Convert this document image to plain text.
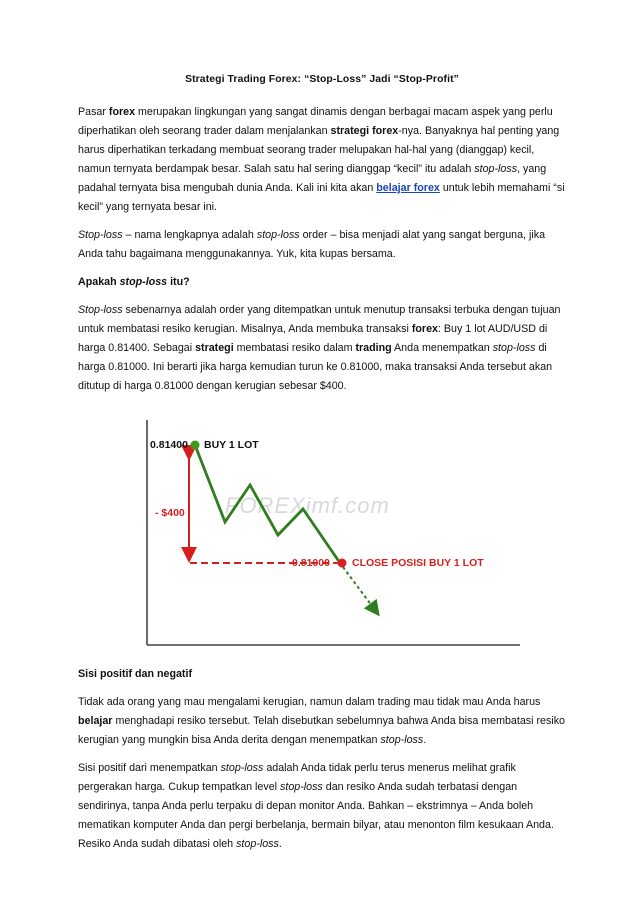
Strategi Trading Forex: “Stop-Loss” Jadi “Stop-Profit”

Pasar forex merupakan lingkungan yang sangat dinamis dengan berbagai macam aspek yang perlu diperhatikan oleh seorang trader dalam menjalankan strategi forex-nya. Banyaknya hal penting yang harus diperhatikan terkadang membuat seorang trader melupakan hal-hal yang (dianggap) kecil, namun ternyata berdampak besar. Salah satu hal sering dianggap “kecil” itu adalah stop-loss, yang padahal ternyata bisa mengubah dunia Anda. Kali ini kita akan belajar forex untuk lebih memahami “si kecil” yang ternyata besar ini.

Stop-loss – nama lengkapnya adalah stop-loss order – bisa menjadi alat yang sangat berguna, jika Anda tahu bagaimana menggunakannya. Yuk, kita kupas bersama.

Apakah stop-loss itu?

Stop-loss sebenarnya adalah order yang ditempatkan untuk menutup transaksi terbuka dengan tujuan untuk membatasi resiko kerugian. Misalnya, Anda membuka transaksi forex: Buy 1 lot AUD/USD di harga 0.81400. Sebagai strategi membatasi resiko dalam trading Anda menempatkan stop-loss di harga 0.81000. Ini berarti jika harga kemudian turun ke 0.81000, maka transaksi Anda tersebut akan ditutup di harga 0.81000 dengan kerugian sebesar $400.

FOREXimf.com
0.81400 BUY 1 LOT
- $400
0.81000 CLOSE POSISI BUY 1 LOT

Sisi positif dan negatif

Tidak ada orang yang mau mengalami kerugian, namun dalam trading mau tidak mau Anda harus belajar menghadapi resiko tersebut. Telah disebutkan sebelumnya bahwa Anda bisa membatasi resiko kerugian yang mungkin bisa Anda derita dengan menempatkan stop-loss.

Sisi positif dari menempatkan stop-loss adalah Anda tidak perlu terus menerus melihat grafik pergerakan harga. Cukup tempatkan level stop-loss dan resiko Anda sudah terbatasi dengan sendirinya, tanpa Anda perlu terpaku di depan monitor Anda. Bahkan – ekstrimnya – Anda boleh mematikan komputer Anda dan pergi berbelanja, bermain bilyar, atau menonton film kesukaan Anda. Resiko Anda sudah dibatasi oleh stop-loss.
